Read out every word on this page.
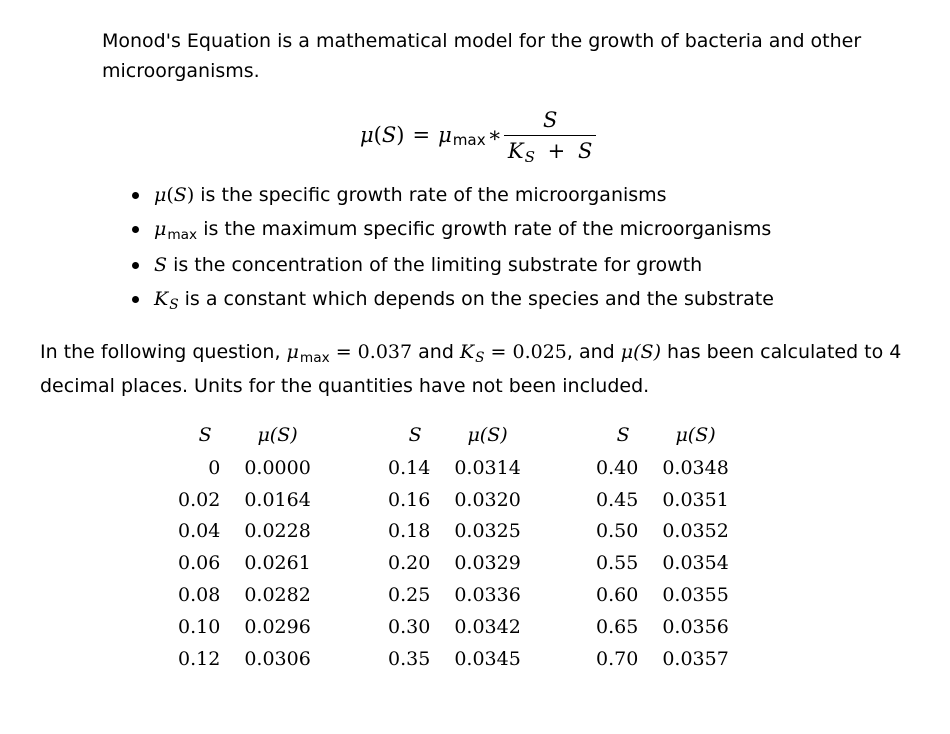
Monod's Equation is a mathematical model for the growth of bacteria and other microorganisms.
μ(S) = μ max ∗ $\frac{S}{K_S + S}$
μ(S) is the specific growth rate of the microorganisms
$\mu_{max}$ is the maximum specific growth rate of the microorganisms
S is the concentration of the limiting substrate for growth
$K_S$ is a constant which depends on the species and the substrate
In the following question, $\mu_{max} = 0.037$ and $K_S = 0.025$, and μ(S) has been calculated to 4 decimal places. Units for the quantities have not been included.
S	μ(S)
0	0.0000
0.02	0.0164
0.04	0.0228
0.06	0.0261
0.08	0.0282
0.10	0.0296
0.12	0.0306
S	μ(S)
0.14	0.0314
0.16	0.0320
0.18	0.0325
0.20	0.0329
0.25	0.0336
0.30	0.0342
0.35	0.0345
S	μ(S)
0.40	0.0348
0.45	0.0351
0.50	0.0352
0.55	0.0354
0.60	0.0355
0.65	0.0356
0.70	0.0357
